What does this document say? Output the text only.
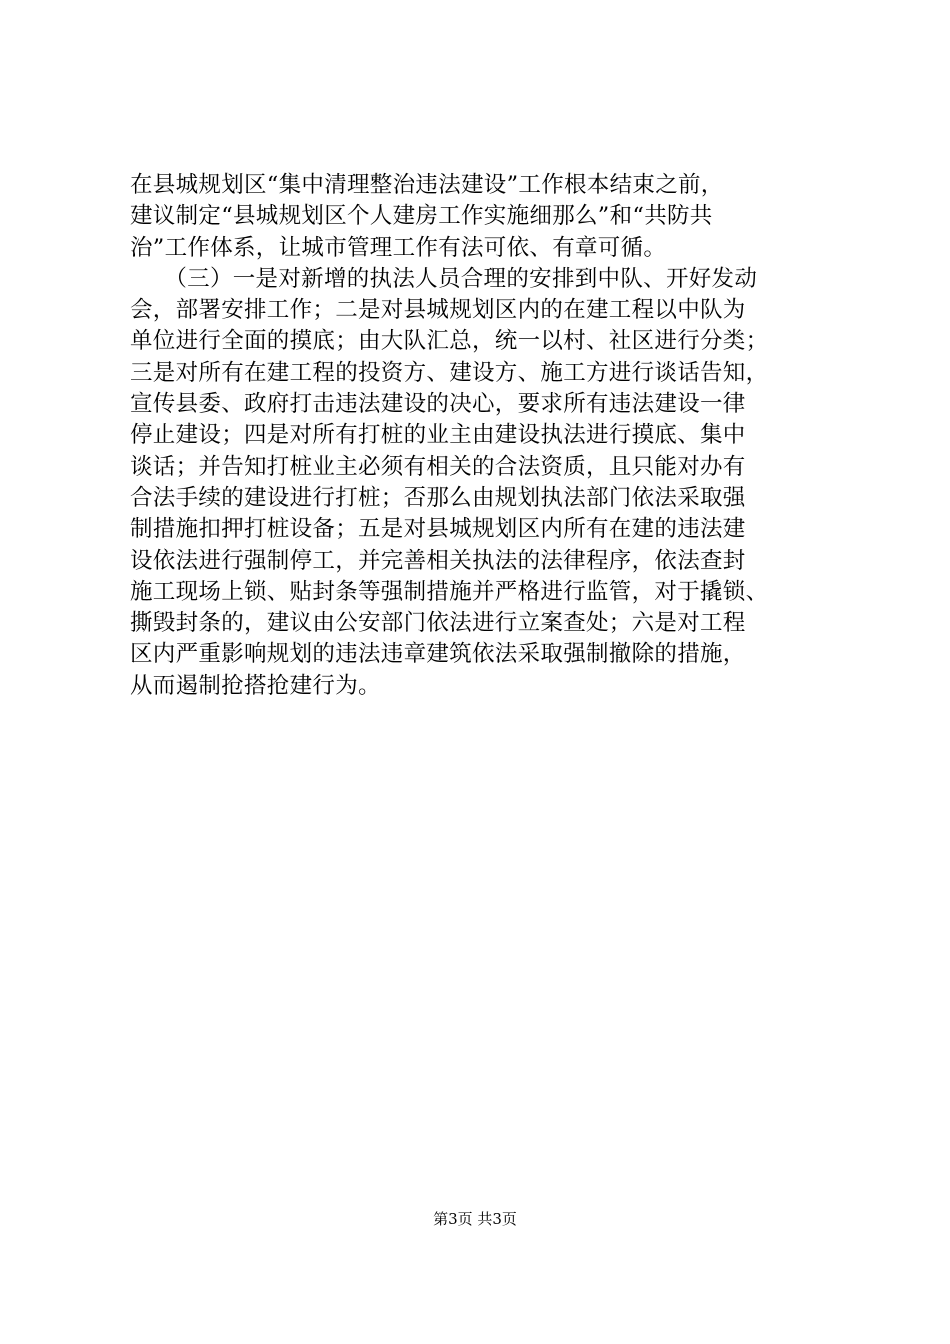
在县城规划区“集中清理整治违法建设”工作根本结束之前，
建议制定“县城规划区个人建房工作实施细那么”和“共防共
治”工作体系，让城市管理工作有法可依、有章可循。
　　（三）一是对新增的执法人员合理的安排到中队、开好发动
会，部署安排工作；二是对县城规划区内的在建工程以中队为
单位进行全面的摸底；由大队汇总，统一以村、社区进行分类；
三是对所有在建工程的投资方、建设方、施工方进行谈话告知，
宣传县委、政府打击违法建设的决心，要求所有违法建设一律
停止建设；四是对所有打桩的业主由建设执法进行摸底、集中
谈话；并告知打桩业主必须有相关的合法资质，且只能对办有
合法手续的建设进行打桩；否那么由规划执法部门依法采取强
制措施扣押打桩设备；五是对县城规划区内所有在建的违法建
设依法进行强制停工，并完善相关执法的法律程序，依法查封
施工现场上锁、贴封条等强制措施并严格进行监管，对于撬锁、
撕毁封条的，建议由公安部门依法进行立案查处；六是对工程
区内严重影响规划的违法违章建筑依法采取强制撤除的措施，
从而遏制抢搭抢建行为。
第3页 共3页
